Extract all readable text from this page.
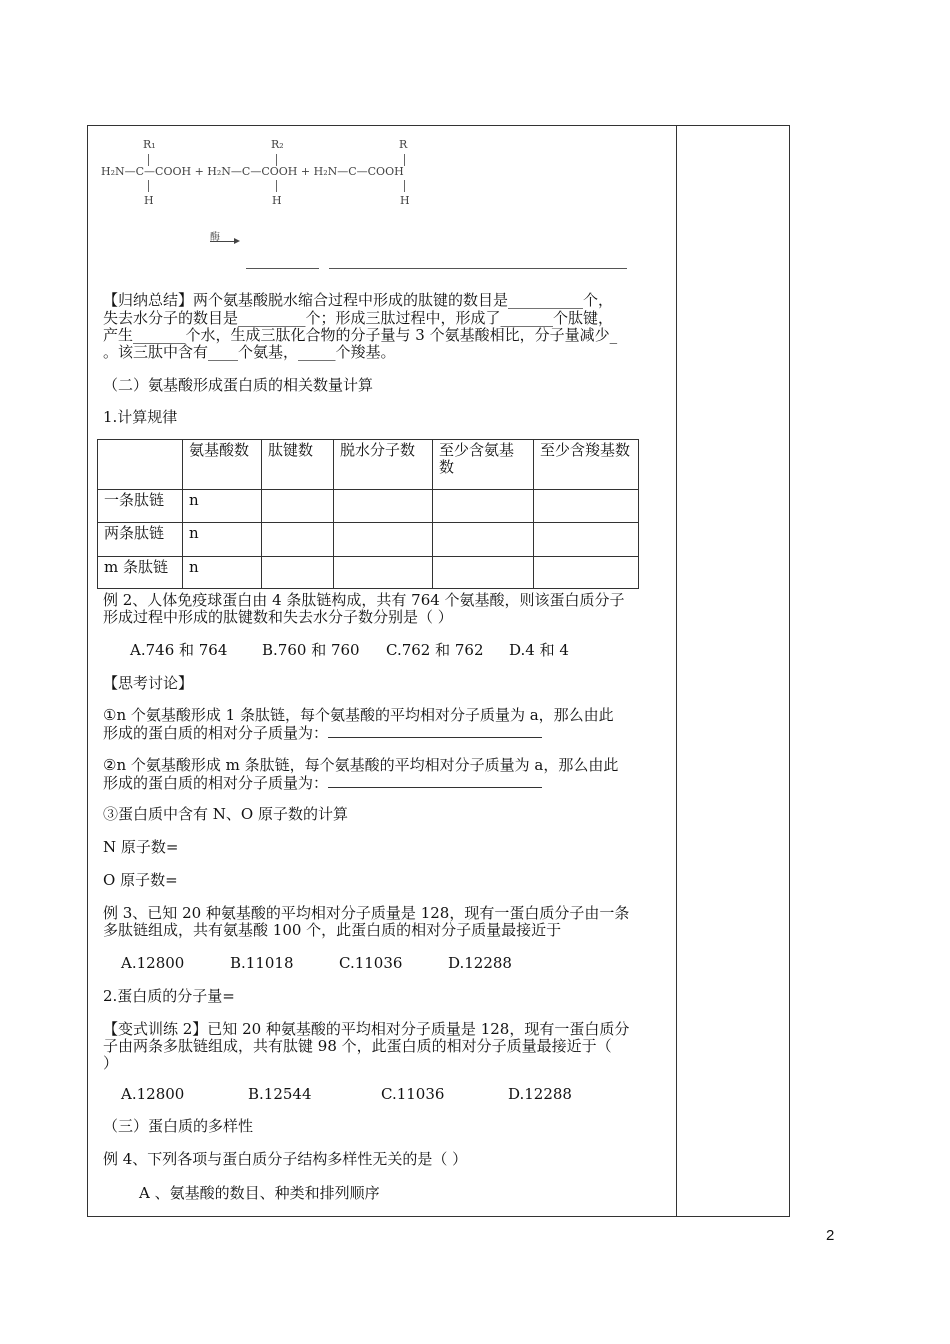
R₁	R₂	R
H₂N—C—COOH + H₂N—C—COOH + H₂N—C—COOH
H	H	H
酶
【归纳总结】两个氨基酸脱水缩合过程中形成的肽键的数目是__________个，
失去水分子的数目是_________个；形成三肽过程中，形成了_______个肽键，
产生_______个水，生成三肽化合物的分子量与 3 个氨基酸相比，分子量减少_
。该三肽中含有____个氨基，_____个羧基。
（二）氨基酸形成蛋白质的相关数量计算
1.计算规律
	氨基酸数	肽键数	脱水分子数	至少含氨基数	至少含羧基数
一条肽链	n				
两条肽链	n				
m 条肽链	n				
例 2、人体免疫球蛋白由 4 条肽链构成，共有 764 个氨基酸，则该蛋白质分子
形成过程中形成的肽键数和失去水分子数分别是（ ）
A.746 和 764	B.760 和 760	C.762 和 762	D.4 和 4
【思考讨论】
①n 个氨基酸形成 1 条肽链，每个氨基酸的平均相对分子质量为 a，那么由此
形成的蛋白质的相对分子质量为：
②n 个氨基酸形成 m 条肽链，每个氨基酸的平均相对分子质量为 a，那么由此
形成的蛋白质的相对分子质量为：
③蛋白质中含有 N、O 原子数的计算
N 原子数=
O 原子数=
例 3、已知 20 种氨基酸的平均相对分子质量是 128，现有一蛋白质分子由一条
多肽链组成，共有氨基酸 100 个，此蛋白质的相对分子质量最接近于
A.12800	B.11018	C.11036	D.12288
2.蛋白质的分子量=
【变式训练 2】已知 20 种氨基酸的平均相对分子质量是 128，现有一蛋白质分
子由两条多肽链组成，共有肽键 98 个，此蛋白质的相对分子质量最接近于（
）
A.12800	B.12544	C.11036	D.12288
（三）蛋白质的多样性
例 4、下列各项与蛋白质分子结构多样性无关的是（ ）
A 、氨基酸的数目、种类和排列顺序
2
